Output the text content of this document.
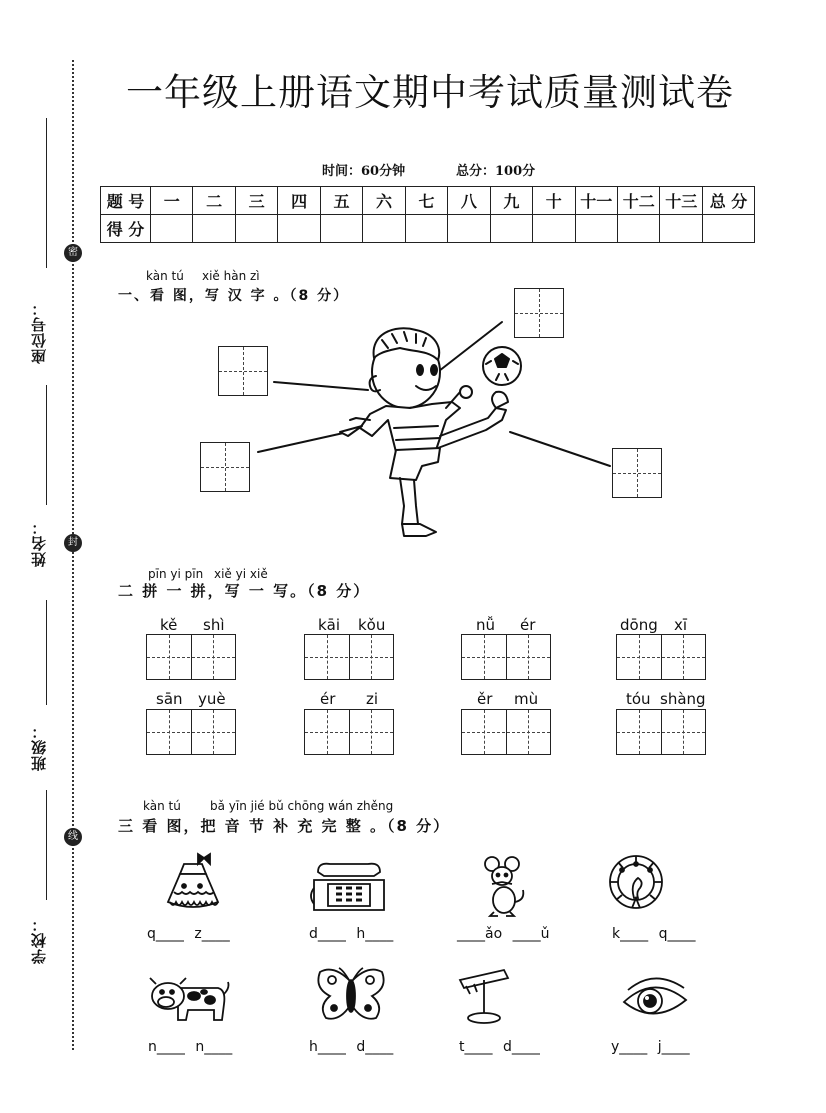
座位号：
姓名：
班级：
学校：
密
封
线
一年级上册语文期中考试质量测试卷
时间：60分钟	总分：100分
题 号	一	二	三	四	五	六	七	八	九	十	十一	十二	十三	总 分
得 分														
kàn tú xiě hàn zì
一、看 图，写 汉 字 。（8 分）
pīn yi pīn xiě yi xiě
二 拼 一 拼，写 一 写。（8 分）
kě shì	kāi kǒu	nǚ ér	dōng xī
sān yuè	ér zi	ěr mù	tóu shàng
kàn tú bǎ yīn jié bǔ chōng wán zhěng
三 看 图，把 音 节 补 充 完 整 。（8 分）
q____ z____	d____ h____	____ǎo ____ǔ	k____ q____
n____ n____	h____ d____	t____ d____	y____ j____
